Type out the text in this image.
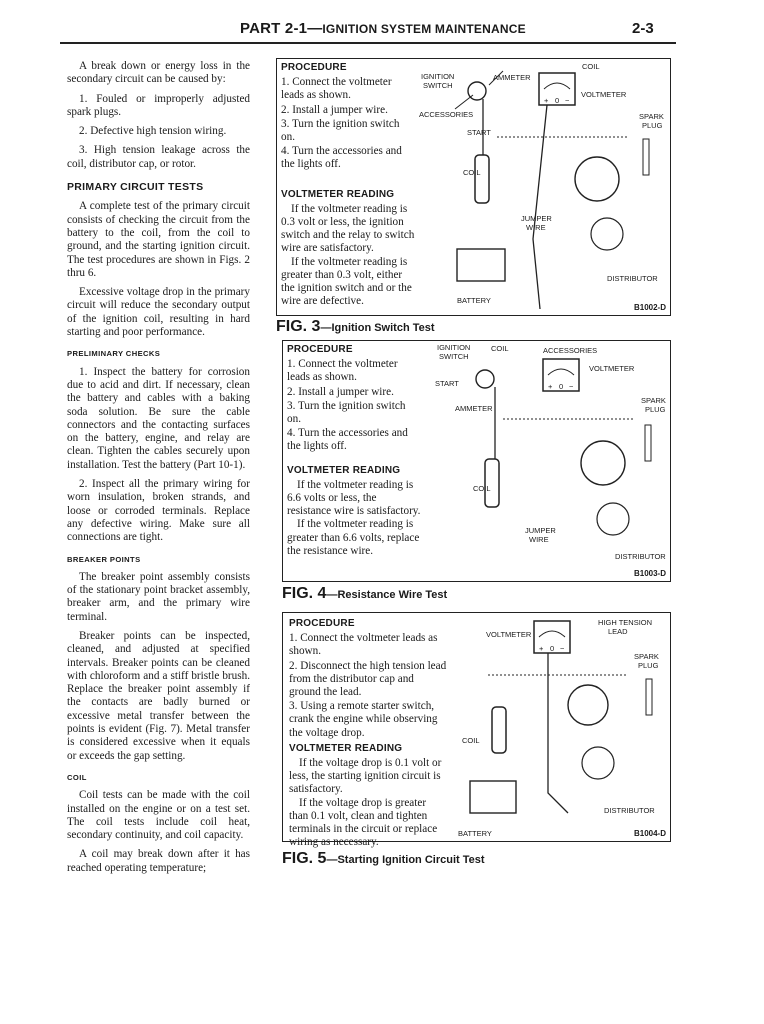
PART 2-1—IGNITION SYSTEM MAINTENANCE	2-3

A break down or energy loss in the secondary circuit can be caused by:

1. Fouled or improperly adjusted spark plugs.

2. Defective high tension wiring.

3. High tension leakage across the coil, distributor cap, or rotor.

PRIMARY CIRCUIT TESTS

A complete test of the primary circuit consists of checking the circuit from the battery to the coil, from the coil to ground, and the starting ignition circuit. The test procedures are shown in Figs. 2 thru 6.

Excessive voltage drop in the primary circuit will reduce the secondary output of the ignition coil, resulting in hard starting and poor performance.

PRELIMINARY CHECKS

1. Inspect the battery for corrosion due to acid and dirt. If necessary, clean the battery and cables with a baking soda solution. Be sure the cable connectors and the contacting surfaces on the battery, engine, and relay are clean. Tighten the cables securely upon installation. Test the battery (Part 10-1).

2. Inspect all the primary wiring for worn insulation, broken strands, and loose or corroded terminals. Replace any defective wiring. Make sure all connections are tight.

BREAKER POINTS

The breaker point assembly consists of the stationary point bracket assembly, breaker arm, and the primary wire terminal.

Breaker points can be inspected, cleaned, and adjusted at specified intervals. Breaker points can be cleaned with chloroform and a stiff bristle brush. Replace the breaker point assembly if the contacts are badly burned or excessive metal transfer between the points is evident (Fig. 7). Metal transfer is considered excessive when it equals or exceeds the gap setting.

COIL

Coil tests can be made with the coil installed on the engine or on a test set. The coil tests include coil heat, secondary continuity, and coil capacity.

A coil may break down after it has reached operating temperature;

PROCEDURE
1. Connect the voltmeter leads as shown.
2. Install a jumper wire.
3. Turn the ignition switch on.
4. Turn the accessories and the lights off.
VOLTMETER READING
If the voltmeter reading is 0.3 volt or less, the ignition switch and the relay to switch wire are satisfactory.
If the voltmeter reading is greater than 0.3 volt, either the ignition switch and or the wire are defective.
COIL
IGNITION
SWITCH
AMMETER
VOLTMETER
ACCESSORIES
START
SPARK
PLUG
COIL
JUMPER
WIRE
DISTRIBUTOR
BATTERY
+ 0 −
B1002-D
FIG. 3—Ignition Switch Test
PROCEDURE
1. Connect the voltmeter leads as shown.
2. Install a jumper wire.
3. Turn the ignition switch on.
4. Turn the accessories and the lights off.
VOLTMETER READING
If the voltmeter reading is 6.6 volts or less, the resistance wire is satisfactory.
If the voltmeter reading is greater than 6.6 volts, replace the resistance wire.
IGNITION
SWITCH
COIL	ACCESSORIES
VOLTMETER
START
AMMETER
SPARK
PLUG
COIL
JUMPER
WIRE
DISTRIBUTOR
+ 0 −
B1003-D
FIG. 4—Resistance Wire Test
PROCEDURE
1. Connect the voltmeter leads as shown.
2. Disconnect the high tension lead from the distributor cap and ground the lead.
3. Using a remote starter switch, crank the engine while observing the voltage drop.
VOLTMETER READING
If the voltage drop is 0.1 volt or less, the starting ignition circuit is satisfactory.
If the voltage drop is greater than 0.1 volt, clean and tighten terminals in the circuit or replace wiring as necessary.
VOLTMETER
HIGH TENSION
LEAD
SPARK
PLUG
COIL
DISTRIBUTOR
BATTERY
+ 0 −
B1004-D
FIG. 5—Starting Ignition Circuit Test
